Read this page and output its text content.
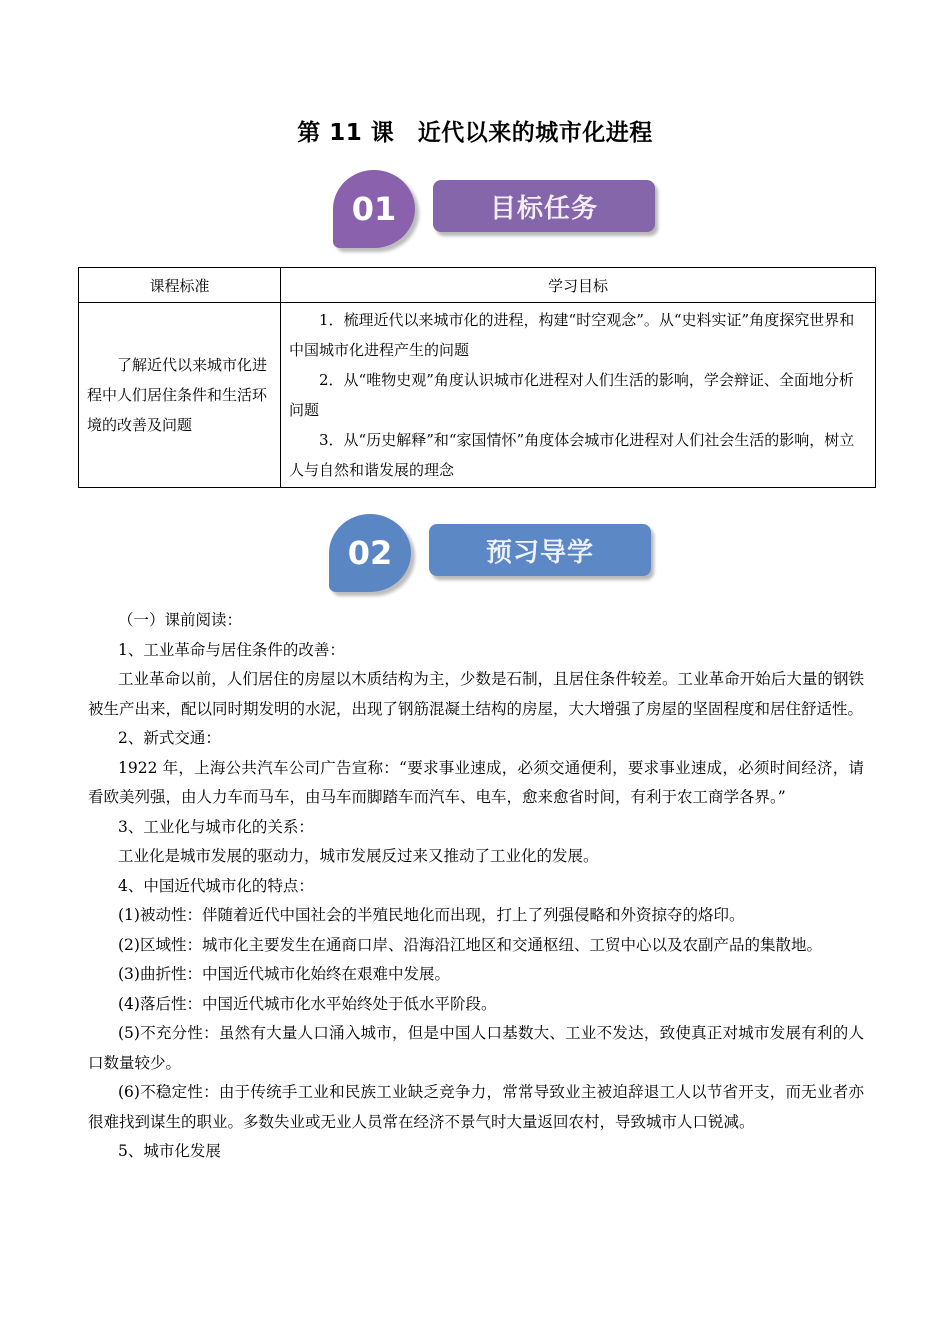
第 11 课　近代以来的城市化进程
01	目标任务
课程标准	学习目标
了解近代以来城市化进程中人们居住条件和生活环境的改善及问题	1．梳理近代以来城市化的进程，构建“时空观念”。从“史料实证”角度探究世界和中国城市化进程产生的问题

2．从“唯物史观”角度认识城市化进程对人们生活的影响，学会辩证、全面地分析问题

3．从“历史解释”和“家国情怀”角度体会城市化进程对人们社会生活的影响，树立人与自然和谐发展的理念

02	预习导学

（一）课前阅读：

1、工业革命与居住条件的改善：

工业革命以前，人们居住的房屋以木质结构为主，少数是石制，且居住条件较差。工业革命开始后大量的钢铁被生产出来，配以同时期发明的水泥，出现了钢筋混凝土结构的房屋，大大增强了房屋的坚固程度和居住舒适性。

2、新式交通：

1922 年，上海公共汽车公司广告宣称：“要求事业速成，必须交通便利，要求事业速成，必须时间经济，请看欧美列强，由人力车而马车，由马车而脚踏车而汽车、电车，愈来愈省时间，有利于农工商学各界。”

3、工业化与城市化的关系：

工业化是城市发展的驱动力，城市发展反过来又推动了工业化的发展。

4、中国近代城市化的特点：

(1)被动性：伴随着近代中国社会的半殖民地化而出现，打上了列强侵略和外资掠夺的烙印。

(2)区域性：城市化主要发生在通商口岸、沿海沿江地区和交通枢纽、工贸中心以及农副产品的集散地。

(3)曲折性：中国近代城市化始终在艰难中发展。

(4)落后性：中国近代城市化水平始终处于低水平阶段。

(5)不充分性：虽然有大量人口涌入城市，但是中国人口基数大、工业不发达，致使真正对城市发展有利的人口数量较少。

(6)不稳定性：由于传统手工业和民族工业缺乏竞争力，常常导致业主被迫辞退工人以节省开支，而无业者亦很难找到谋生的职业。多数失业或无业人员常在经济不景气时大量返回农村，导致城市人口锐减。

5、城市化发展
